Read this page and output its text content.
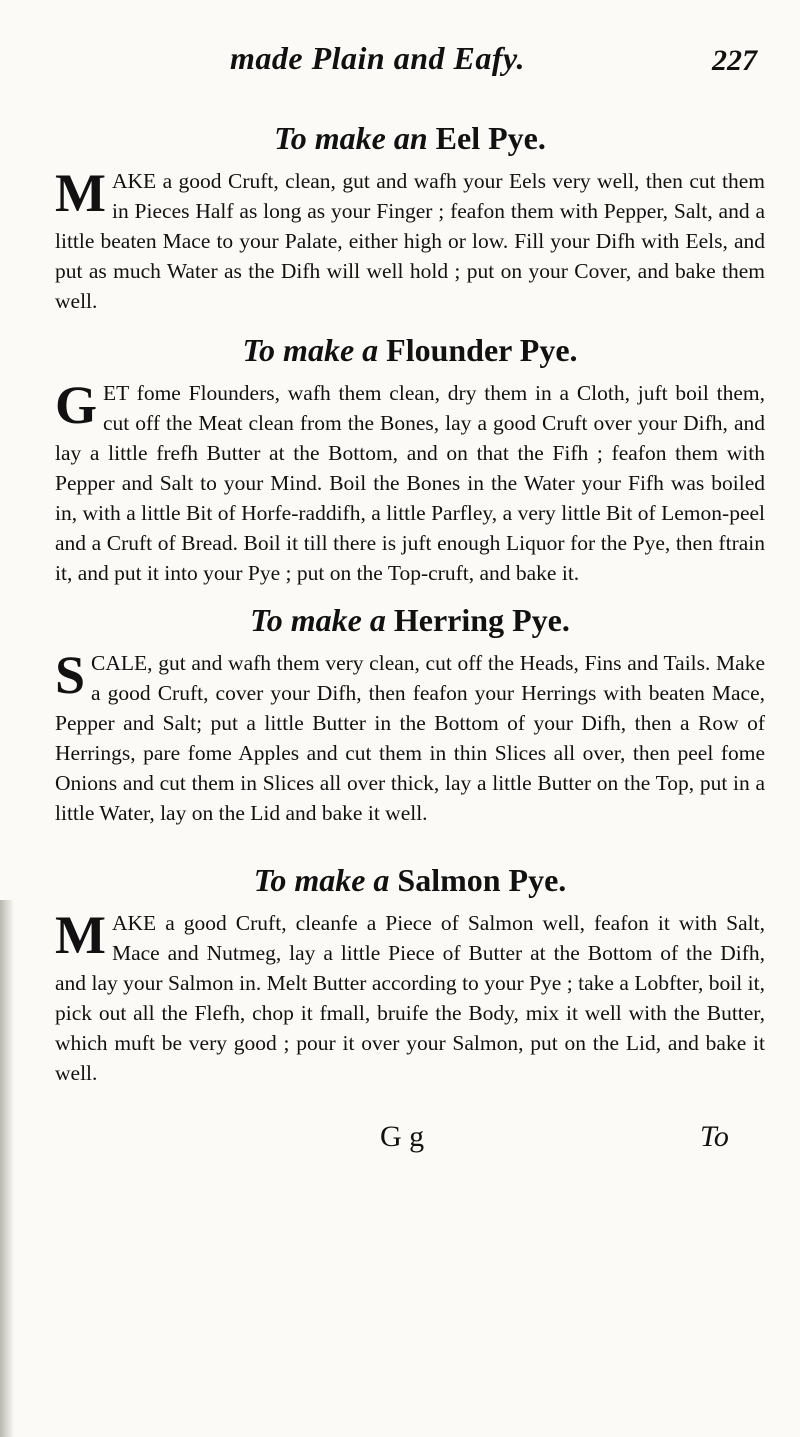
made Plain and Eafy.	227
To make an Eel Pye.

MAKE a good Cruft, clean, gut and wafh your Eels very well, then cut them in Pieces Half as long as your Finger ; feafon them with Pepper, Salt, and a little beaten Mace to your Palate, either high or low. Fill your Difh with Eels, and put as much Water as the Difh will well hold ; put on your Cover, and bake them well.

To make a Flounder Pye.

GET fome Flounders, wafh them clean, dry them in a Cloth, juft boil them, cut off the Meat clean from the Bones, lay a good Cruft over your Difh, and lay a little frefh Butter at the Bottom, and on that the Fifh ; feafon them with Pepper and Salt to your Mind. Boil the Bones in the Water your Fifh was boiled in, with a little Bit of Horfe-raddifh, a little Parfley, a very little Bit of Lemon-peel and a Cruft of Bread. Boil it till there is juft enough Liquor for the Pye, then ftrain it, and put it into your Pye ; put on the Top-cruft, and bake it.

To make a Herring Pye.

SCALE, gut and wafh them very clean, cut off the Heads, Fins and Tails. Make a good Cruft, cover your Difh, then feafon your Herrings with beaten Mace, Pepper and Salt; put a little Butter in the Bottom of your Difh, then a Row of Herrings, pare fome Apples and cut them in thin Slices all over, then peel fome Onions and cut them in Slices all over thick, lay a little Butter on the Top, put in a little Water, lay on the Lid and bake it well.

To make a Salmon Pye.

MAKE a good Cruft, cleanfe a Piece of Salmon well, feafon it with Salt, Mace and Nutmeg, lay a little Piece of Butter at the Bottom of the Difh, and lay your Salmon in. Melt Butter according to your Pye ; take a Lobfter, boil it, pick out all the Flefh, chop it fmall, bruife the Body, mix it well with the Butter, which muft be very good ; pour it over your Salmon, put on the Lid, and bake it well.

G g	To
